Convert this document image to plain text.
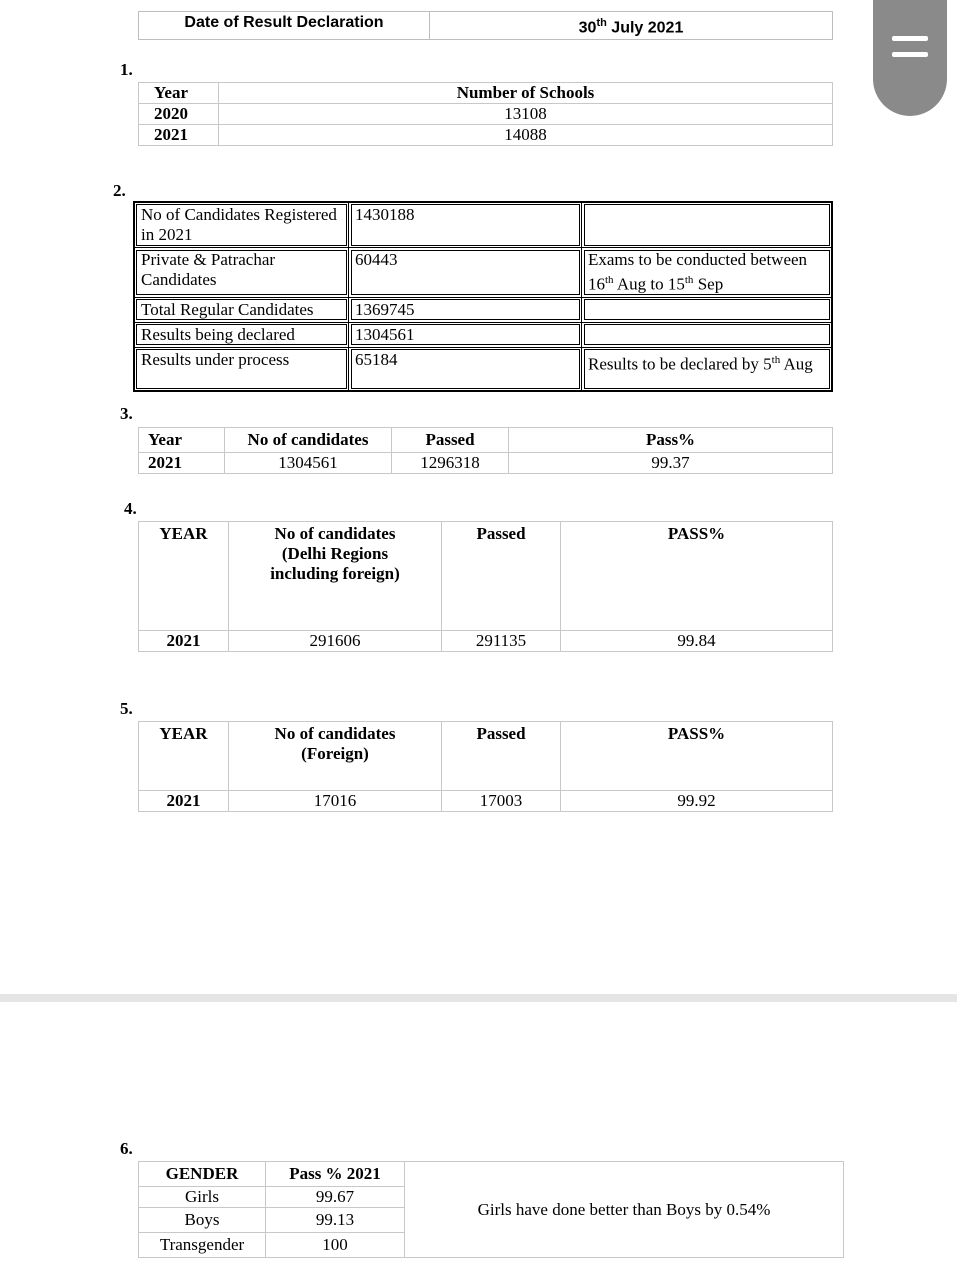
Date of Result Declaration	30th July 2021
1.
Year	Number of Schools
2020	13108
2021	14088
2.
No of Candidates Registered in 2021	1430188	
Private & Patrachar Candidates	60443	Exams to be conducted between 16th Aug to 15th Sep
Total Regular Candidates	1369745	
Results being declared	1304561	
Results under process	65184	Results to be declared by 5th Aug
3.
Year	No of candidates	Passed	Pass%
2021	1304561	1296318	99.37
4.
YEAR	No of candidates (Delhi Regions including foreign)	Passed	PASS%
2021	291606	291135	99.84
5.
YEAR	No of candidates (Foreign)	Passed	PASS%
2021	17016	17003	99.92
6.
GENDER	Pass % 2021	Girls have done better than Boys by 0.54%
Girls	99.67	
Boys	99.13	
Transgender	100	
